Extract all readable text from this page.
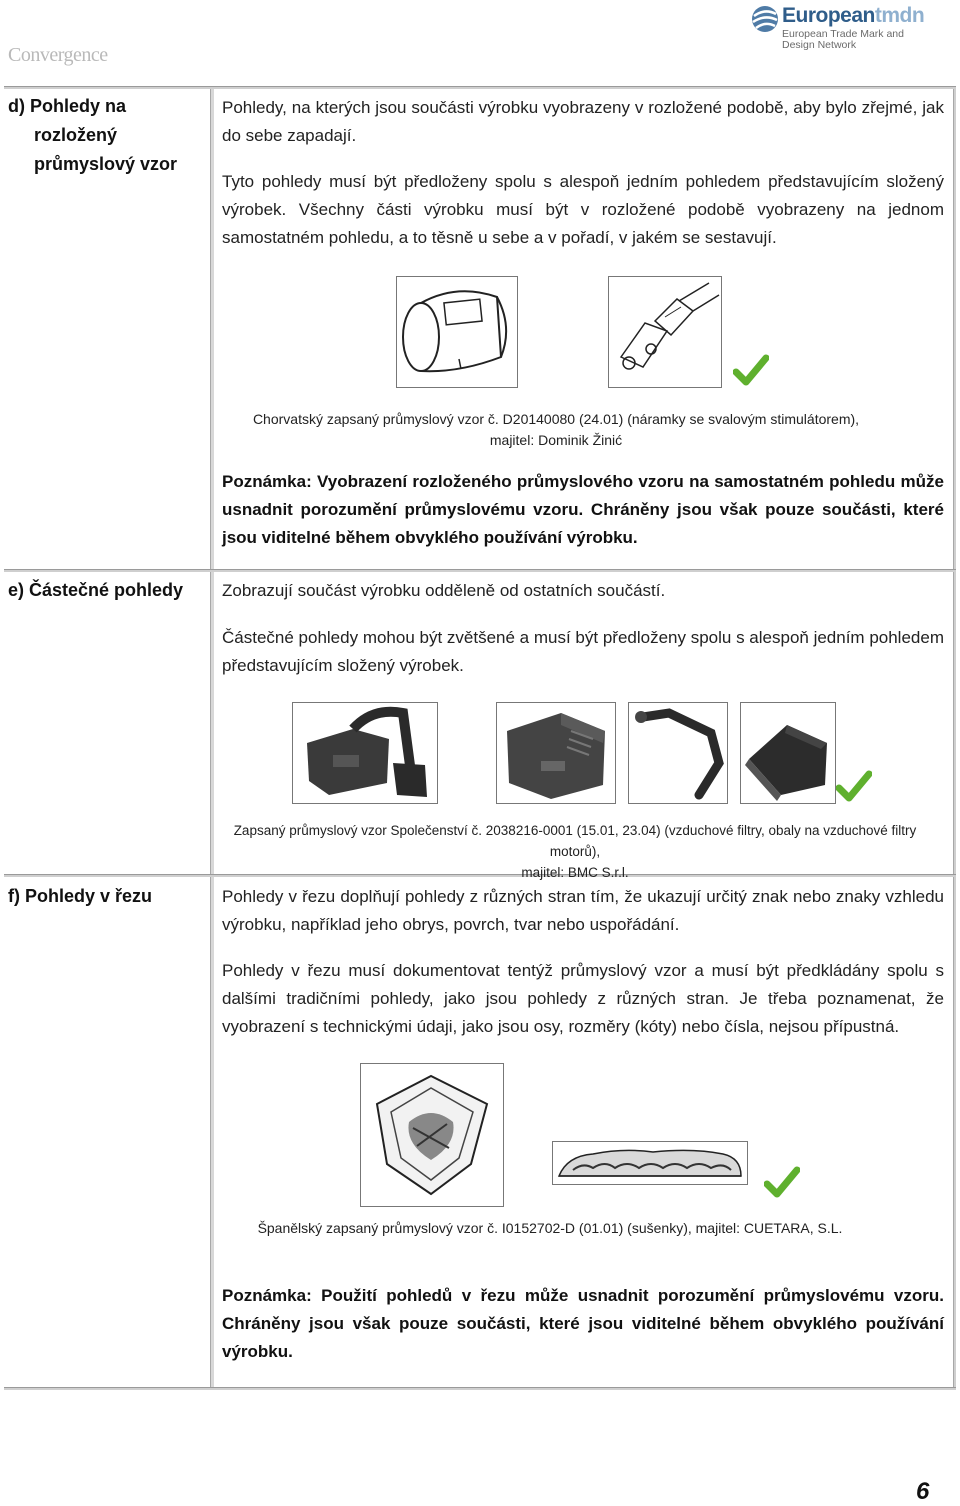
Convergence
Europeantmdn
European Trade Mark and
Design Network
d) Pohledy na
rozložený
průmyslový vzor
Pohledy, na kterých jsou součásti výrobku vyobrazeny v rozložené podobě, aby bylo zřejmé, jak do sebe zapadají.
Tyto pohledy musí být předloženy spolu s alespoň jedním pohledem představujícím složený výrobek. Všechny části výrobku musí být v rozložené podobě vyobrazeny na jednom samostatném pohledu, a to těsně u sebe a v pořadí, v jakém se sestavují.
Chorvatský zapsaný průmyslový vzor č. D20140080 (24.01) (náramky se svalovým stimulátorem),
majitel: Dominik Žinić
Poznámka: Vyobrazení rozloženého průmyslového vzoru na samostatném pohledu může usnadnit porozumění průmyslovému vzoru. Chráněny jsou však pouze součásti, které jsou viditelné během obvyklého používání výrobku.
e) Částečné pohledy Zobrazují součást výrobku odděleně od ostatních součástí.
Částečné pohledy mohou být zvětšené a musí být předloženy spolu s alespoň jedním pohledem představujícím složený výrobek.
Zapsaný průmyslový vzor Společenství č. 2038216-0001 (15.01, 23.04) (vzduchové filtry, obaly na vzduchové filtry motorů),
majitel: BMC S.r.l.
f) Pohledy v řezu	Pohledy v řezu doplňují pohledy z různých stran tím, že ukazují určitý znak nebo znaky vzhledu výrobku, například jeho obrys, povrch, tvar nebo uspořádání.
Pohledy v řezu musí dokumentovat tentýž průmyslový vzor a musí být předkládány spolu s dalšími tradičními pohledy, jako jsou pohledy z různých stran. Je třeba poznamenat, že vyobrazení s technickými údaji, jako jsou osy, rozměry (kóty) nebo čísla, nejsou přípustná.
Španělský zapsaný průmyslový vzor č. I0152702-D (01.01) (sušenky), majitel: CUETARA, S.L.
Poznámka: Použití pohledů v řezu může usnadnit porozumění průmyslovému vzoru. Chráněny jsou však pouze součásti, které jsou viditelné během obvyklého používání výrobku.
6
